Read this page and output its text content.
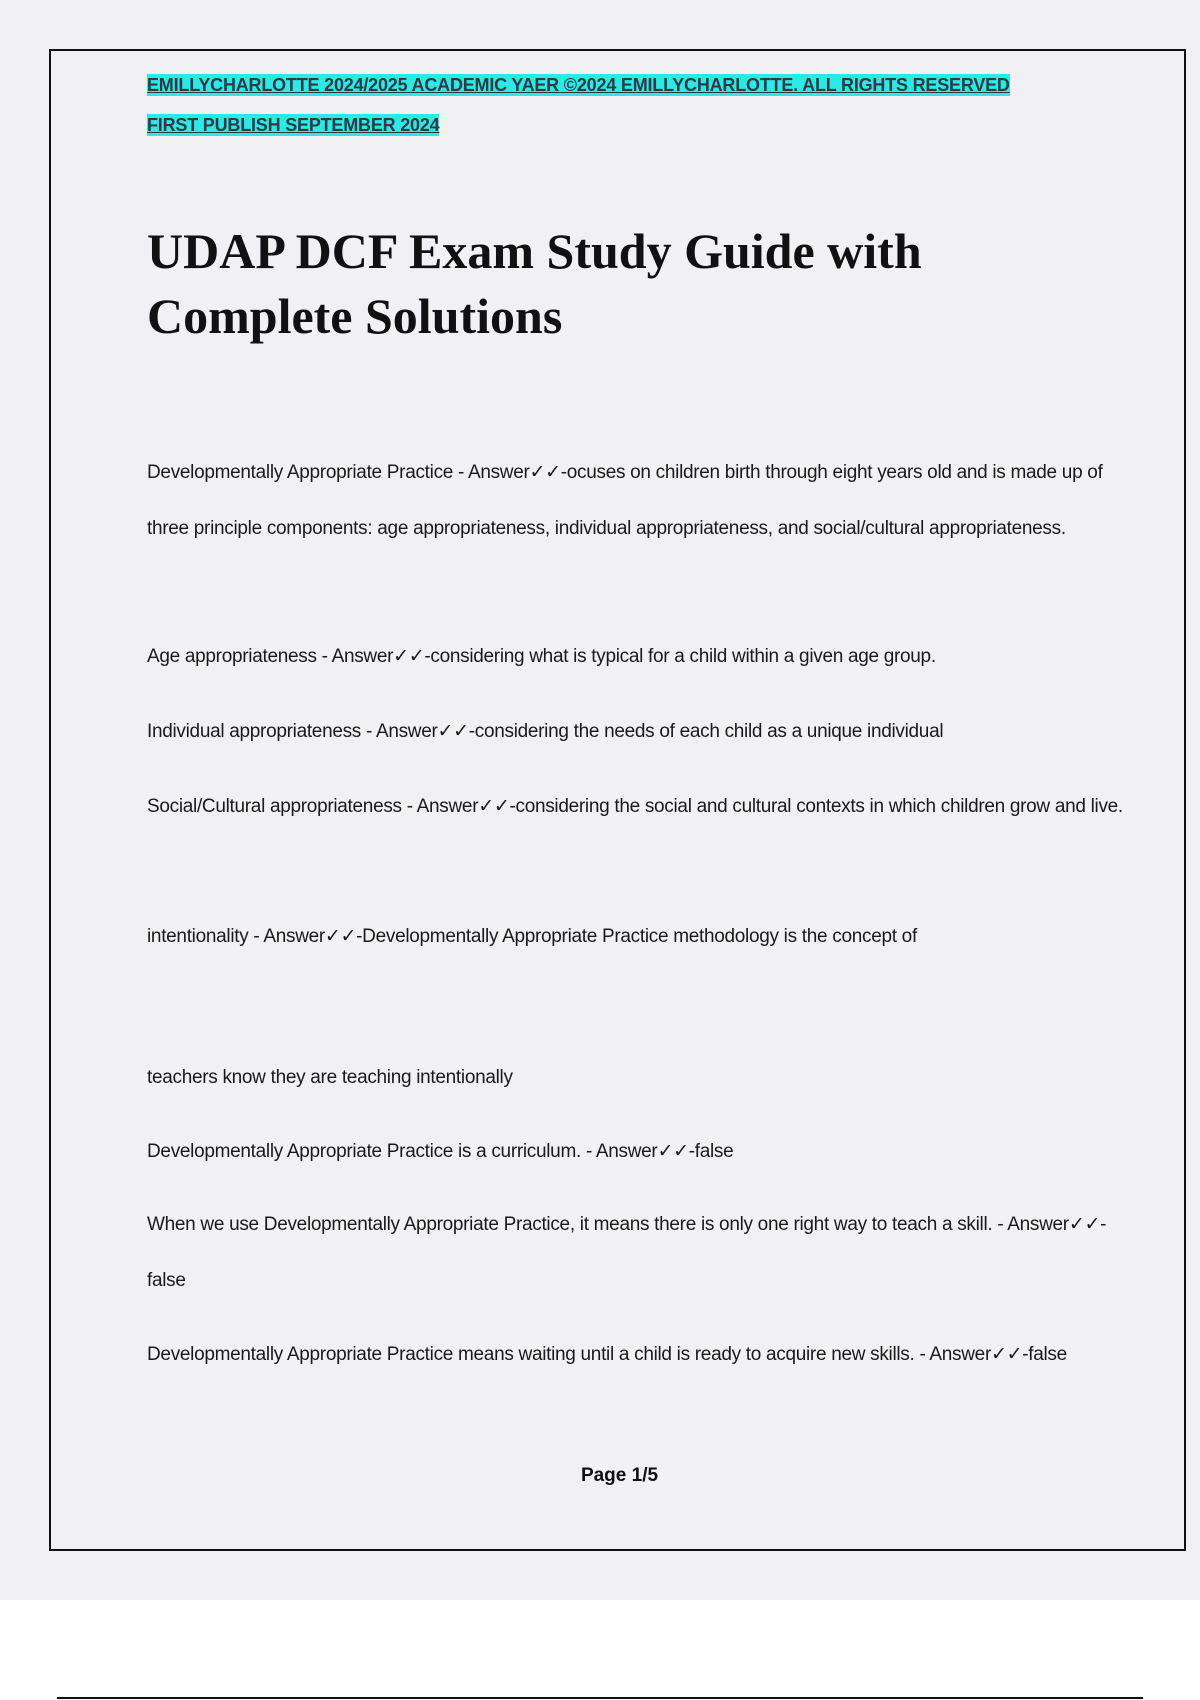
EMILLYCHARLOTTE 2024/2025 ACADEMIC YAER ©2024 EMILLYCHARLOTTE. ALL RIGHTS RESERVED
FIRST PUBLISH SEPTEMBER 2024
UDAP DCF Exam Study Guide with
Complete Solutions

Developmentally Appropriate Practice - Answer✓✓-ocuses on children birth through eight years old and is made up of three principle components: age appropriateness, individual appropriateness, and social/cultural appropriateness.

Age appropriateness - Answer✓✓-considering what is typical for a child within a given age group.

Individual appropriateness - Answer✓✓-considering the needs of each child as a unique individual

Social/Cultural appropriateness - Answer✓✓-considering the social and cultural contexts in which children grow and live.

intentionality - Answer✓✓-Developmentally Appropriate Practice methodology is the concept of

teachers know they are teaching intentionally

Developmentally Appropriate Practice is a curriculum. - Answer✓✓-false

When we use Developmentally Appropriate Practice, it means there is only one right way to teach a skill. - Answer✓✓-false

Developmentally Appropriate Practice means waiting until a child is ready to acquire new skills. - Answer✓✓-false

Page 1/5
